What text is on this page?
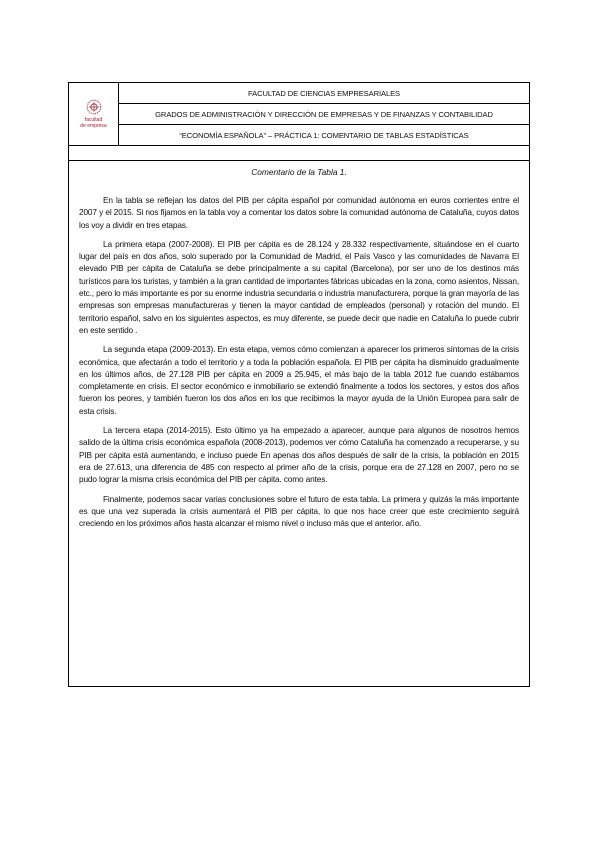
facultad
de empresa
FACULTAD DE CIENCIAS EMPRESARIALES
GRADOS DE ADMINISTRACIÓN Y DIRECCIÓN DE EMPRESAS Y DE FINANZAS Y CONTABILIDAD
“ECONOMÍA ESPAÑOLA” – PRÁCTICA 1: COMENTARIO DE TABLAS ESTADÍSTICAS

Comentario de la Tabla 1.

En la tabla se reflejan los datos del PIB per cápita español por comunidad autónoma en euros corrientes entre el 2007 y el 2015. Si nos fijamos en la tabla voy a comentar los datos sobre la comunidad autónoma de Cataluña, cuyos datos los voy a dividir en tres etapas.

La primera etapa (2007-2008). El PIB per cápita es de 28.124 y 28.332 respectivamente, situándose en el cuarto lugar del país en dos años, solo superado por la Comunidad de Madrid, el País Vasco y las comunidades de Navarra El elevado PIB per cápita de Cataluña se debe principalmente a su capital (Barcelona), por ser uno de los destinos más turísticos para los turistas, y también a la gran cantidad de importantes fábricas ubicadas en la zona, como asientos, Nissan, etc., pero lo más importante es por su enorme industria secundaria o industria manufacturera, porque la gran mayoría de las empresas son empresas manufactureras y tienen la mayor cantidad de empleados (personal) y rotación del mundo. El territorio español, salvo en los siguientes aspectos, es muy diferente, se puede decir que nadie en Cataluña lo puede cubrir en este sentido .

La segunda etapa (2009-2013). En esta etapa, vemos cómo comienzan a aparecer los primeros síntomas de la crisis económica, que afectarán a todo el territorio y a toda la población española. El PIB per cápita ha disminuido gradualmente en los últimos años, de 27.128 PIB per cápita en 2009 a 25.945, el más bajo de la tabla 2012 fue cuando estábamos completamente en crisis. El sector económico e inmobiliario se extendió finalmente a todos los sectores, y estos dos años fueron los peores, y también fueron los dos años en los que recibimos la mayor ayuda de la Unión Europea para salir de esta crisis.

La tercera etapa (2014-2015). Esto último ya ha empezado a aparecer, aunque para algunos de nosotros hemos salido de la última crisis económica española (2008-2013), podemos ver cómo Cataluña ha comenzado a recuperarse, y su PIB per cápita está aumentando, e incluso puede En apenas dos años después de salir de la crisis, la población en 2015 era de 27.613, una diferencia de 485 con respecto al primer año de la crisis, porque era de 27.128 en 2007, pero no se pudo lograr la misma crisis económica del PIB per cápita. como antes.

Finalmente, podemos sacar varias conclusiones sobre el futuro de esta tabla. La primera y quizás la más importante es que una vez superada la crisis aumentará el PIB per cápita, lo que nos hace creer que este crecimiento seguirá creciendo en los próximos años hasta alcanzar el mismo nivel o incluso más que el anterior. año.
